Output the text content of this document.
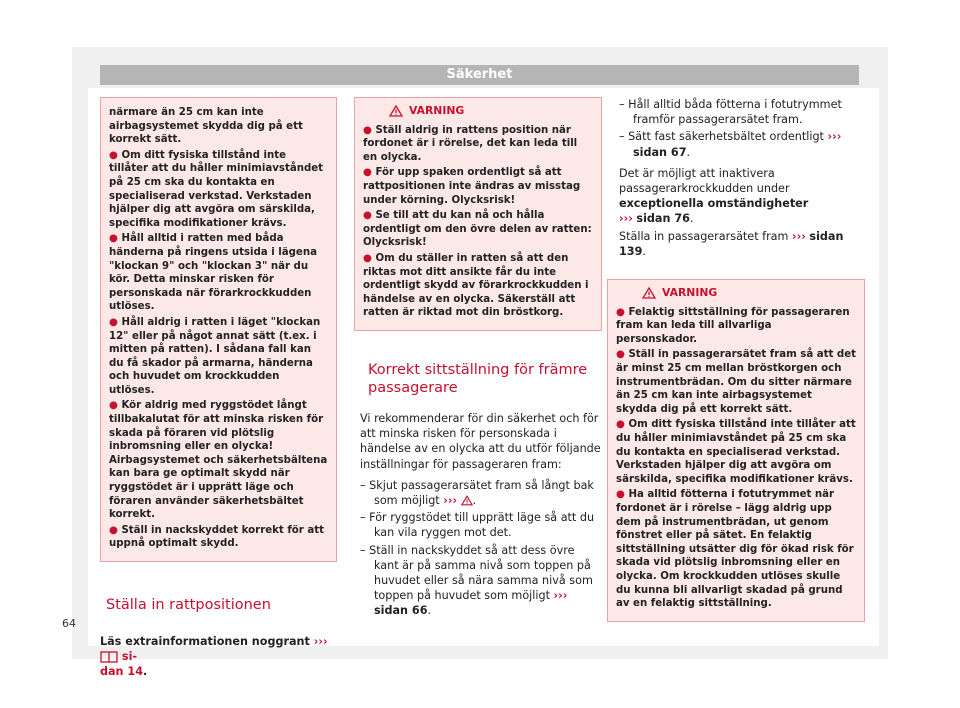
Säkerhet

närmare än 25 cm kan inte airbagsystemet skydda dig på ett korrekt sätt.

● Om ditt fysiska tillstånd inte tillåter att du håller minimiavståndet på 25 cm ska du kontakta en specialiserad verkstad. Verkstaden hjälper dig att avgöra om särskilda, specifika modifikationer krävs.

● Håll alltid i ratten med båda händerna på ringens utsida i lägena "klockan 9" och "klockan 3" när du kör. Detta minskar risken för personskada när förarkrockkudden utlöses.

● Håll aldrig i ratten i läget "klockan 12" eller på något annat sätt (t.ex. i mitten på ratten). I sådana fall kan du få skador på armarna, händerna och huvudet om krockkudden utlöses.

● Kör aldrig med ryggstödet långt tillbakalutat för att minska risken för skada på föraren vid plötslig inbromsning eller en olycka! Airbagsystemet och säkerhetsbältena kan bara ge optimalt skydd när ryggstödet är i upprätt läge och föraren använder säkerhetsbältet korrekt.

● Ställ in nackskyddet korrekt för att uppnå optimalt skydd.

Ställa in rattpositionen

Läs extrainformationen noggrant ›››  si-
dan 14.

VARNING

● Ställ aldrig in rattens position när fordonet är i rörelse, det kan leda till en olycka.

● För upp spaken ordentligt så att rattpositionen inte ändras av misstag under körning. Olycksrisk!

● Se till att du kan nå och hålla ordentligt om den övre delen av ratten: Olycksrisk!

● Om du ställer in ratten så att den riktas mot ditt ansikte får du inte ordentligt skydd av förarkrockkudden i händelse av en olycka. Säkerställ att ratten är riktad mot din bröstkorg.

Korrekt sittställning för främre passagerare

Vi rekommenderar för din säkerhet och för att minska risken för personskada i händelse av en olycka att du utför följande inställningar för passageraren fram:

– Skjut passagerarsätet fram så långt bak som möjligt ››› .

– För ryggstödet till upprätt läge så att du kan vila ryggen mot det.

– Ställ in nackskyddet så att dess övre kant är på samma nivå som toppen på huvudet eller så nära samma nivå som toppen på huvudet som möjligt ››› sidan 66.

– Håll alltid båda fötterna i fotutrymmet framför passagerarsätet fram.

– Sätt fast säkerhetsbältet ordentligt ››› sidan 67.

Det är möjligt att inaktivera passagerarkrockkudden under exceptionella omständigheter
››› sidan 76.

Ställa in passagerarsätet fram ››› sidan 139.

VARNING

● Felaktig sittställning för passageraren fram kan leda till allvarliga personskador.

● Ställ in passagerarsätet fram så att det är minst 25 cm mellan bröstkorgen och instrumentbrädan. Om du sitter närmare än 25 cm kan inte airbagsystemet skydda dig på ett korrekt sätt.

● Om ditt fysiska tillstånd inte tillåter att du håller minimiavståndet på 25 cm ska du kontakta en specialiserad verkstad. Verkstaden hjälper dig att avgöra om särskilda, specifika modifikationer krävs.

● Ha alltid fötterna i fotutrymmet när fordonet är i rörelse – lägg aldrig upp dem på instrumentbrädan, ut genom fönstret eller på sätet. En felaktig sittställning utsätter dig för ökad risk för skada vid plötslig inbromsning eller en olycka. Om krockkudden utlöses skulle du kunna bli allvarligt skadad på grund av en felaktig sittställning.

64
